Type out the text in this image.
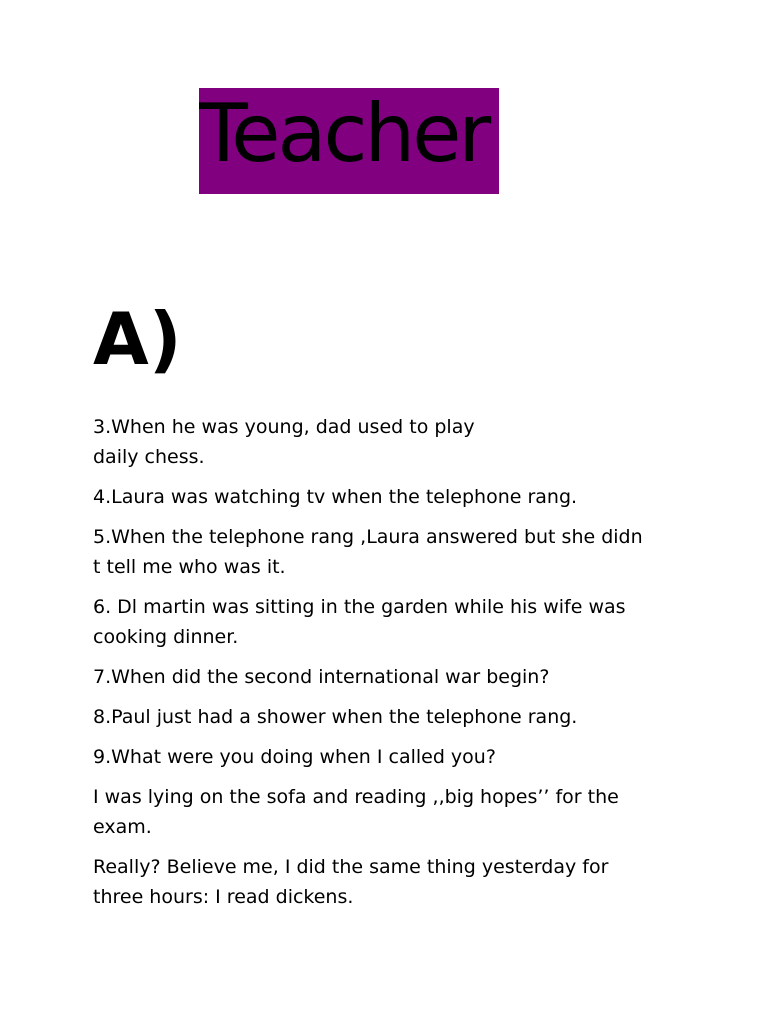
Teacher
A)

3.When he was young, dad used to play
daily chess.

4.Laura was watching tv when the telephone rang.

5.When the telephone rang ,Laura answered but she didn
t tell me who was it.

6. Dl martin was sitting in the garden while his wife was
cooking dinner.

7.When did the second international war begin?

8.Paul just had a shower when the telephone rang.

9.What were you doing when I called you?

I was lying on the sofa and reading ,,big hopes’’ for the
exam.

Really? Believe me, I did the same thing yesterday for
three hours: I read dickens.
